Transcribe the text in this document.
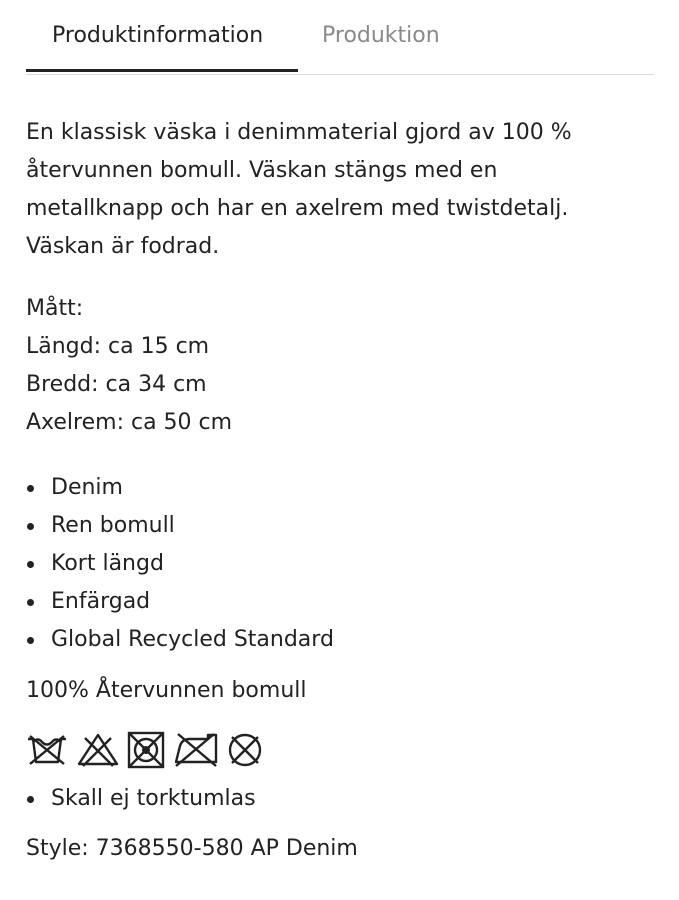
Produktinformation	Produktion
En klassisk väska i denimmaterial gjord av 100 %
återvunnen bomull. Väskan stängs med en
metallknapp och har en axelrem med twistdetalj.
Väskan är fodrad.
Mått:
Längd: ca 15 cm
Bredd: ca 34 cm
Axelrem: ca 50 cm
Denim
Ren bomull
Kort längd
Enfärgad
Global Recycled Standard
100% Återvunnen bomull
Skall ej torktumlas
Style: 7368550-580 AP Denim
